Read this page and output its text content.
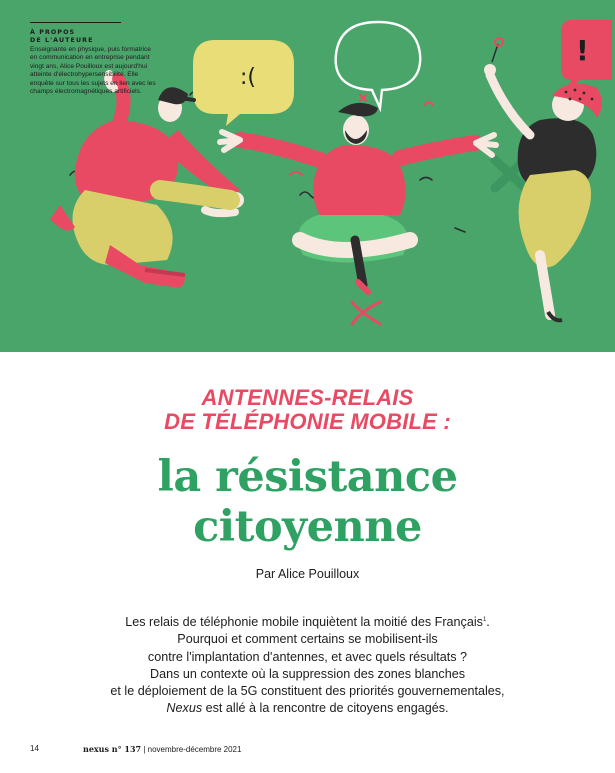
:(
!
À PROPOS
DE L'AUTEURE
Enseignante en physique, puis formatrice en communication en entreprise pendant vingt ans, Alice Pouilloux est aujourd'hui atteinte d'électrohypersensibilité. Elle enquête sur tous les sujets en lien avec les champs électromagnétiques artificiels.
ANTENNES-RELAIS
DE TÉLÉPHONIE MOBILE :
la résistance
citoyenne
Par Alice Pouilloux
Les relais de téléphonie mobile inquiètent la moitié des Français$^1$.
Pourquoi et comment certains se mobilisent-ils
contre l'implantation d'antennes, et avec quels résultats ?
Dans un contexte où la suppression des zones blanches
et le déploiement de la 5G constituent des priorités gouvernementales,
Nexus est allé à la rencontre de citoyens engagés.
14	nexus n° 137 | novembre-décembre 2021
